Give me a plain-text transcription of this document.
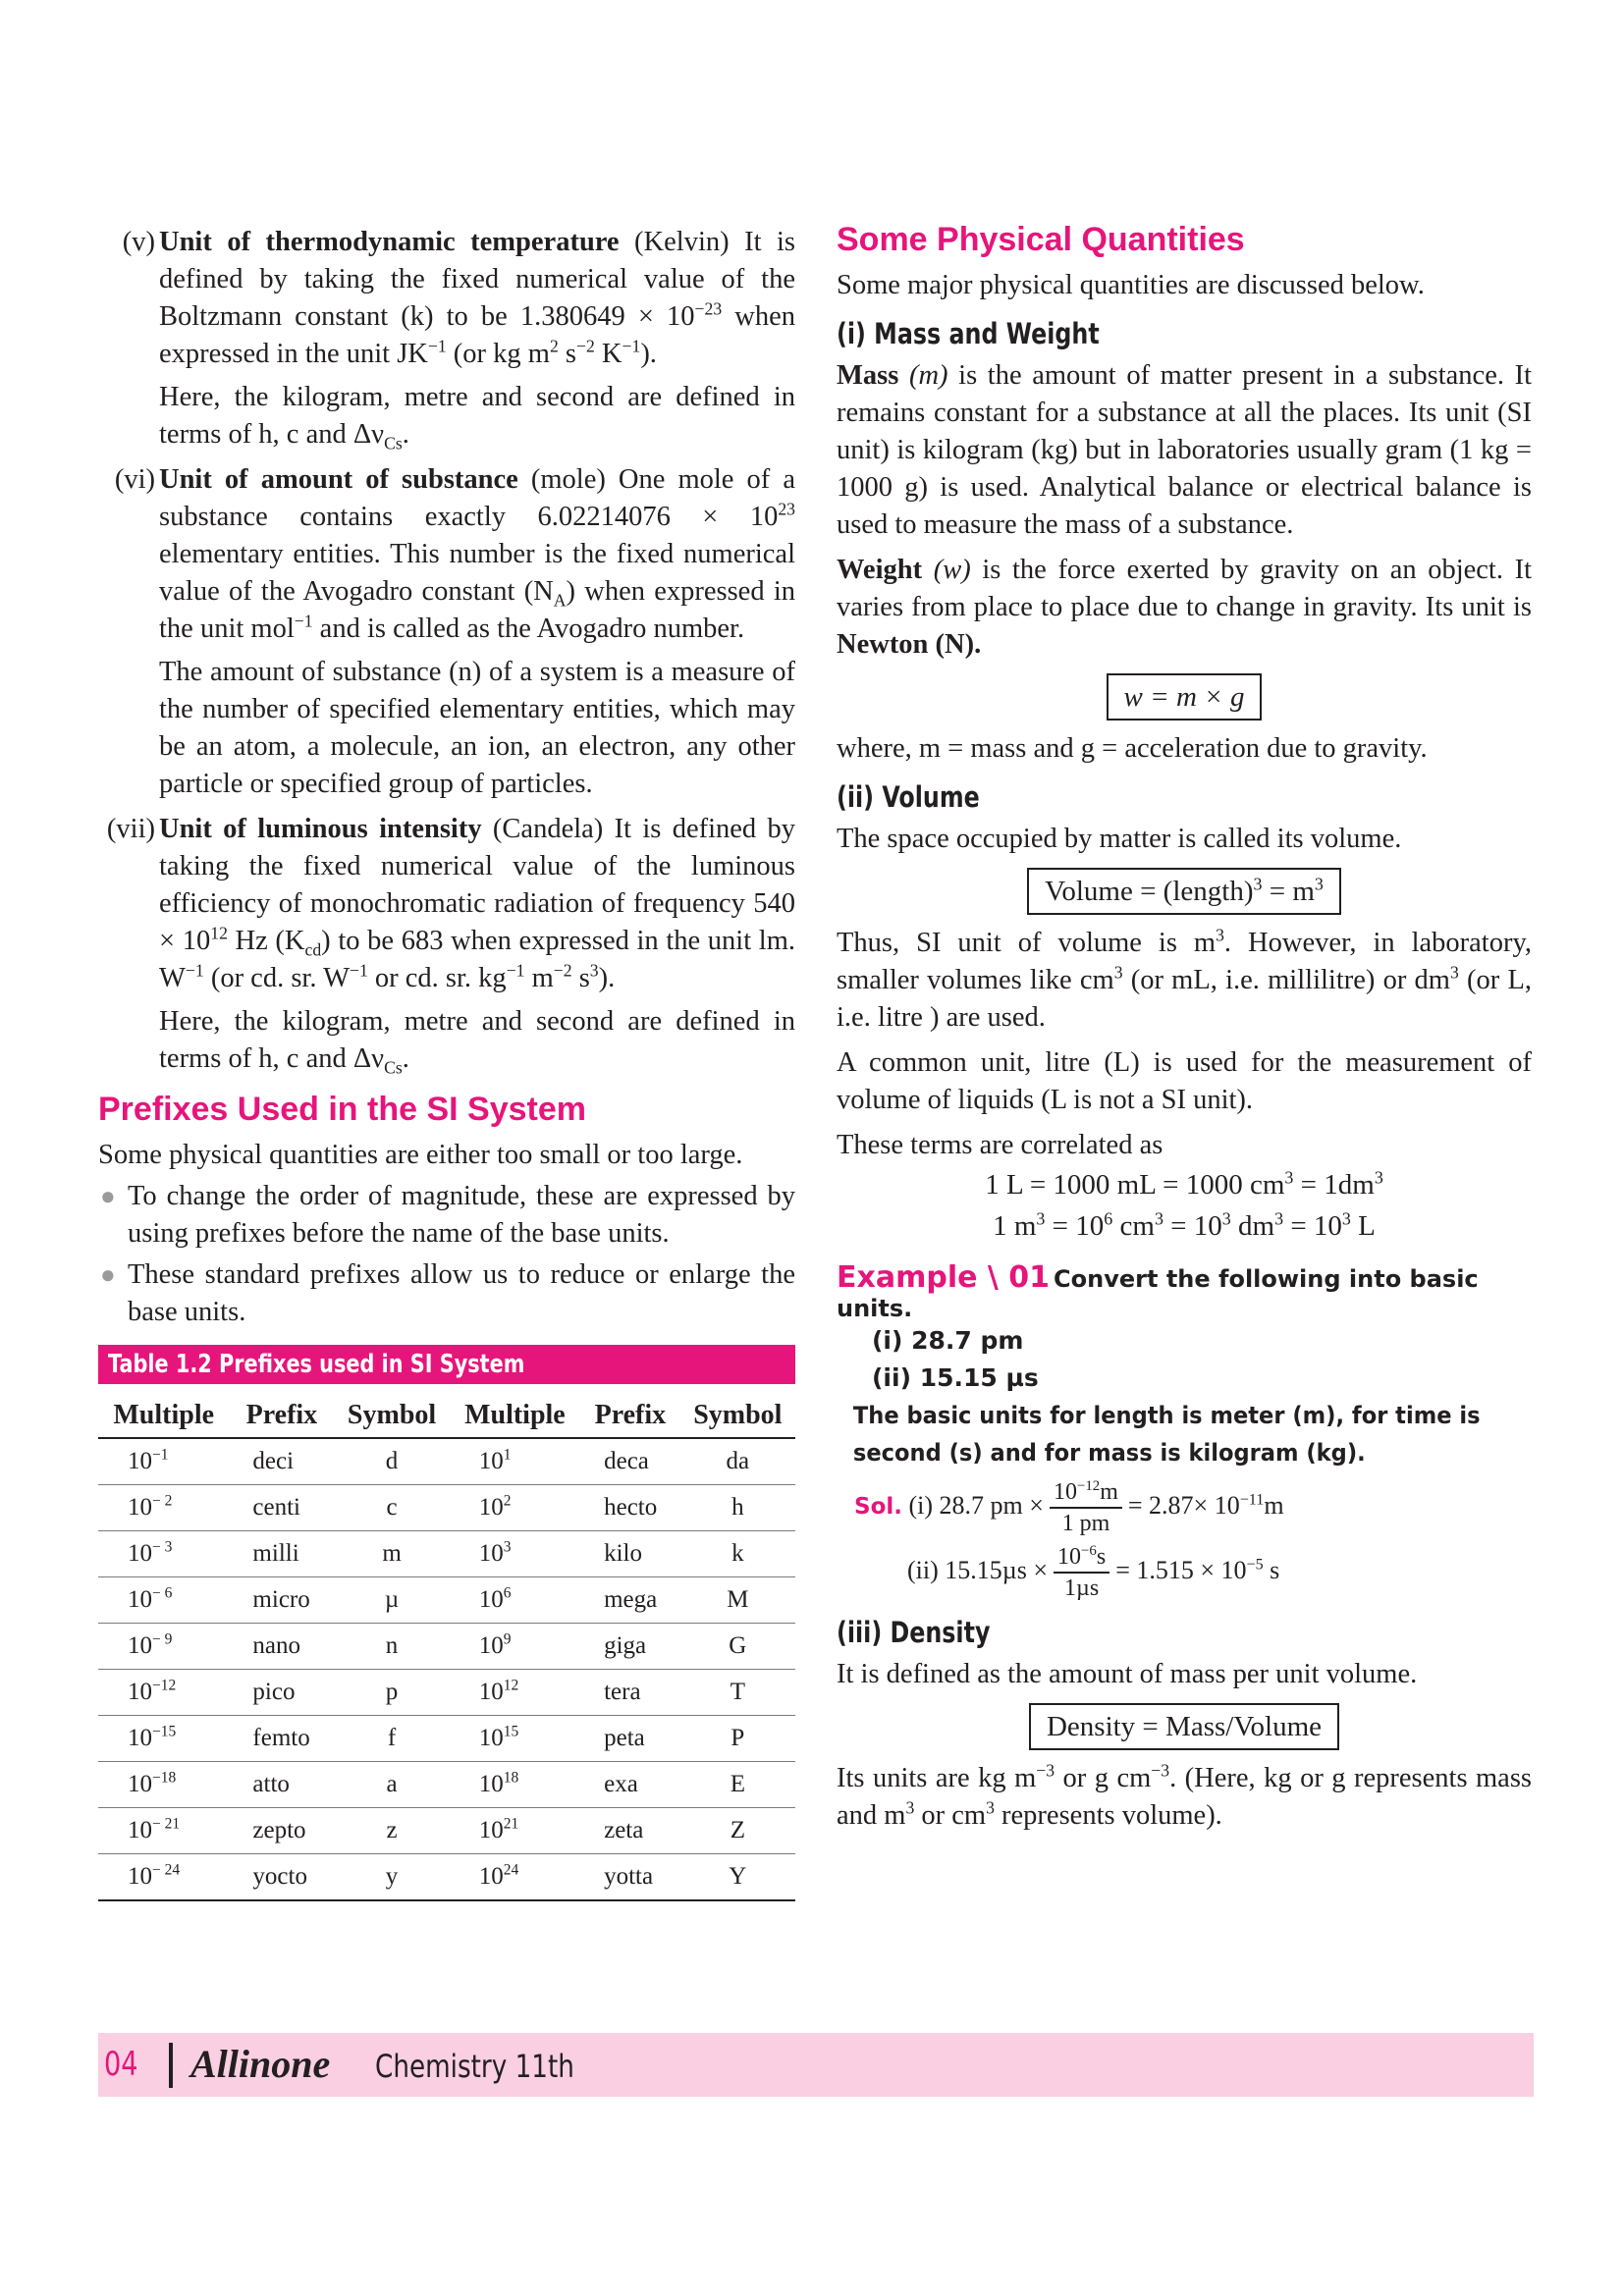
(v) Unit of thermodynamic temperature (Kelvin) It is defined by taking the fixed numerical value of the Boltzmann constant (k) to be $1.380649 \times 10^{-23}$ when expressed in the unit $JK^{-1}$ (or kg $m^2$ $s^{-2}$ $K^{-1}$).

Here, the kilogram, metre and second are defined in terms of h, c and $\Delta\nu_{Cs}$.

(vi) Unit of amount of substance (mole) One mole of a substance contains exactly $6.02214076 \times 10^{23}$ elementary entities. This number is the fixed numerical value of the Avogadro constant $(N_A)$ when expressed in the unit mol$^{-1}$ and is called as the Avogadro number.

The amount of substance (n) of a system is a measure of the number of specified elementary entities, which may be an atom, a molecule, an ion, an electron, any other particle or specified group of particles.

(vii) Unit of luminous intensity (Candela) It is defined by taking the fixed numerical value of the luminous efficiency of monochromatic radiation of frequency $540 \times 10^{12}$ Hz $(K_{cd})$ to be 683 when expressed in the unit lm. $W^{-1}$ (or cd. sr. $W^{-1}$ or cd. sr. $kg^{-1}$ $m^{-2}$ $s^3$).

Here, the kilogram, metre and second are defined in terms of h, c and $\Delta\nu_{Cs}$.

Prefixes Used in the SI System

Some physical quantities are either too small or too large.

● To change the order of magnitude, these are expressed by using prefixes before the name of the base units.

● These standard prefixes allow us to reduce or enlarge the base units.

Table 1.2 Prefixes used in SI System
Multiple	Prefix	Symbol	Multiple	Prefix	Symbol
$10^{-1}$	deci	d	$10^1$	deca	da
$10^{- 2}$	centi	c	$10^2$	hecto	h
$10^{- 3}$	milli	m	$10^3$	kilo	k
$10^{- 6}$	micro	µ	$10^6$	mega	M
$10^{- 9}$	nano	n	$10^9$	giga	G
$10^{-12}$	pico	p	$10^{12}$	tera	T
$10^{-15}$	femto	f	$10^{15}$	peta	P
$10^{-18}$	atto	a	$10^{18}$	exa	E
$10^{- 21}$	zepto	z	$10^{21}$	zeta	Z
$10^{- 24}$	yocto	y	$10^{24}$	yotta	Y
Some Physical Quantities

Some major physical quantities are discussed below.

(i) Mass and Weight

Mass (m) is the amount of matter present in a substance. It remains constant for a substance at all the places. Its unit (SI unit) is kilogram (kg) but in laboratories usually gram (1 kg = 1000 g) is used. Analytical balance or electrical balance is used to measure the mass of a substance.

Weight (w) is the force exerted by gravity on an object. It varies from place to place due to change in gravity. Its unit is Newton (N).

w = m × g

where, m = mass and g = acceleration due to gravity.

(ii) Volume

The space occupied by matter is called its volume.

Volume = (length)$^3$ = $m^3$

Thus, SI unit of volume is $m^3$. However, in laboratory, smaller volumes like $cm^3$ (or mL, i.e. millilitre) or $dm^3$ (or L, i.e. litre ) are used.

A common unit, litre (L) is used for the measurement of volume of liquids (L is not a SI unit).

These terms are correlated as

1 L = 1000 mL = 1000 $cm^3 = 1dm^3$
1 $m^3 = 10^6$ $cm^3 = 10^3$ $dm^3 = 10^3$ L
Example \ 01 Convert the following into basic units.
(i) 28.7 pm
(ii) 15.15 µs
The basic units for length is meter (m), for time is second (s) and for mass is kilogram (kg).
Sol. (i) 28.7 pm × $\frac{10^{-12}m}{1 pm} = 2.87\times 10^{-11}m$
(ii) $15.15\mu s \times \frac{10^{-6}s}{\text{1µs}} = 1.515 \times 10^{-5}$ s
(iii) Density

It is defined as the amount of mass per unit volume.

Density = Mass/Volume

Its units are kg $m^{-3}$ or g $cm^{-3}$. (Here, kg or g represents mass and $m^3$ or $cm^3$ represents volume).

04 Allinone Chemistry 11th
